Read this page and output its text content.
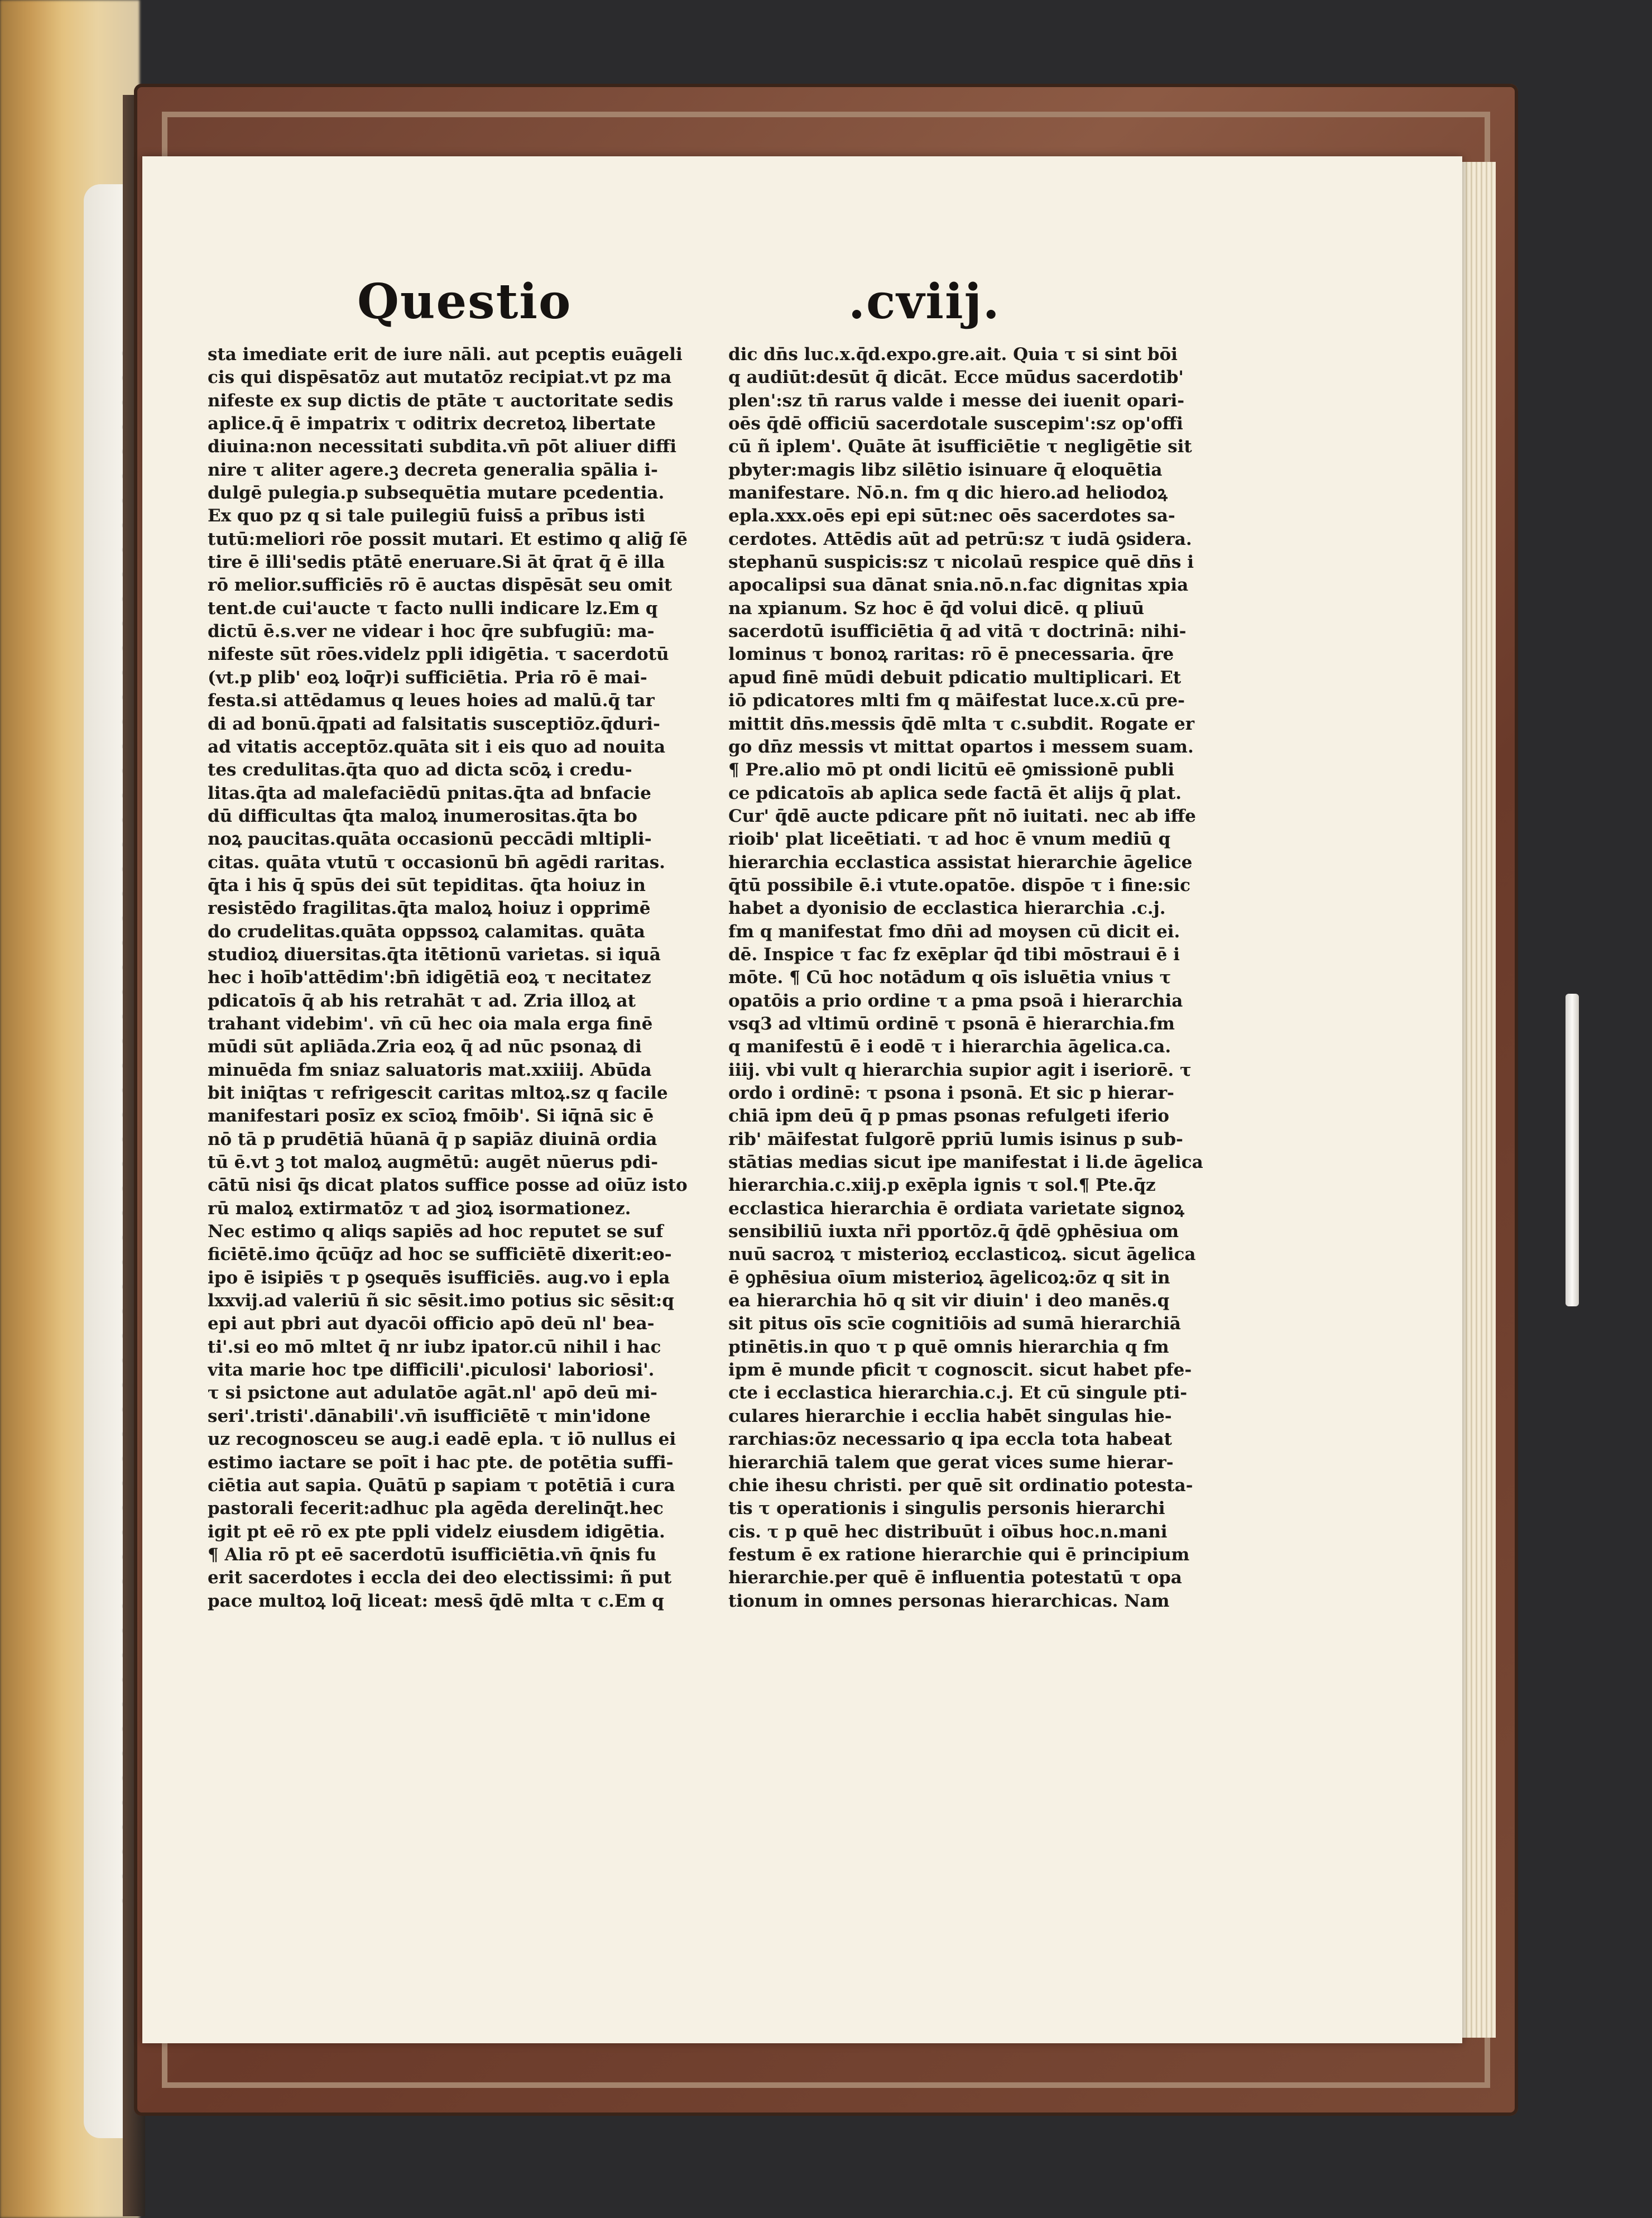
Questio	.cviij.
sta imediate erit de iure nāli. aut pceptis euāgeli
cis qui dispēsatōz aut mutatōz recipiat.vt pz ma
nifeste ex sup dictis de ptāte τ auctoritate sedis
aplice.q̄ ē impatrix τ oditrix decretoꝝ libertate
diuina:non necessitati subdita.vn̄ pōt aliuer diffi
nire τ aliter agere.ꝫ decreta generalia spālia i-
dulgē pulegia.p subsequētia mutare pcedentia.
Ex quo pz q si tale puilegiū fuiss̄ a prībus isti
tutū:meliori rōe possit mutari. Et estimo q aliḡ ſē
tire ē illi'sedis ptātē eneruare.Si āt q̄rat q̄ ē illa
rō melior.sufficiēs rō ē auctas dispēsāt seu omit
tent.de cui'aucte τ facto nulli indicare lz.Em q
dictū ē.s.ver ne videar i hoc q̄re subfugiū: ma-
nifeste sūt rōes.videlz ppli idigētia. τ sacerdotū
(vt.p plib' eoꝝ loq̄r)i sufficiētia. Pria rō ē mai-
festa.si attēdamus q leues hoies ad malū.q̄ tar
di ad bonū.q̄pati ad falsitatis susceptiōz.q̄duri-
ad vitatis acceptōz.quāta sit i eis quo ad nouita
tes credulitas.q̄ta quo ad dicta scōꝝ i credu-
litas.q̄ta ad malefaciēdū pnitas.q̄ta ad bnfacie
dū difficultas q̄ta maloꝝ inumerositas.q̄ta bo
noꝝ paucitas.quāta occasionū peccādi mltipli-
citas. quāta vtutū τ occasionū bn̄ agēdi raritas.
q̄ta i his q̄ spūs dei sūt tepiditas. q̄ta hoiuz in
resistēdo fragilitas.q̄ta maloꝝ hoiuz i opprimē
do crudelitas.quāta oppssoꝝ calamitas. quāta
studioꝝ diuersitas.q̄ta itētionū varietas. si iquā
hec i hoīb'attēdim':bn̄ idigētiā eoꝝ τ necitatez
pdicatoīs q̄ ab his retrahāt τ ad. Zria illoꝝ at
trahant videbim'. vn̄ cū hec oia mala erga finē
mūdi sūt apliāda.Zria eoꝝ q̄ ad nūc psonaꝝ di
minuēda fm sniaz saluatoris mat.xxiiij. Abūda
bit iniq̄tas τ refrigescit caritas mltoꝝ.sz q facile
manifestari posīz ex scīoꝝ fmōib'. Si iq̄nā sic ē
nō tā p prudētiā hūanā q̄ p sapiāz diuinā ordia
tū ē.vt ꝫ tot maloꝝ augmētū: augēt nūerus pdi-
cātū nisi q̄s dicat platos suffice posse ad oiūz isto
rū maloꝝ extirmatōz τ ad ꝫioꝝ isormationez.
Nec estimo q aliqs sapiēs ad hoc reputet se suf
ficiētē.imo q̄cūq̄z ad hoc se sufficiētē dixerit:eo-
ipo ē isipiēs τ p ꝯsequēs isufficiēs. aug.vo i epla
lxxvij.ad valeriū ñ sic sēsit.imo potius sic sēsit:q
epi aut pbri aut dyacōi officio apō deū nl' bea-
ti'.si eo mō mltet q̄ nr iubz ipator.cū nihil i hac
vita marie hoc tpe difficili'.piculosi' laboriosi'.
τ si psictone aut adulatōe agāt.nl' apō deū mi-
seri'.tristi'.dānabili'.vn̄ isufficiētē τ min'idone
uz recognosceu se aug.i eadē epla. τ iō nullus ei
estimo iactare se poīt i hac pte. de potētia suffi-
ciētia aut sapia. Quātū p sapiam τ potētiā i cura
pastorali fecerit:adhuc pla agēda derelinq̄t.hec
igit pt eē rō ex pte ppli videlz eiusdem idigētia.
¶ Alia rō pt eē sacerdotū isufficiētia.vn̄ q̄nis fu
erit sacerdotes i eccla dei deo electissimi: ñ put
pace multoꝝ loq̄ liceat: mess̄ q̄dē mlta τ c.Em q
dic dn̄s luc.x.q̄d.expo.gre.ait. Quia τ si sint bōi
q audiūt:desūt q̄ dicāt. Ecce mūdus sacerdotib'
plen':sz tn̄ rarus valde i messe dei iuenit opari-
oēs q̄dē officiū sacerdotale suscepim':sz op'offi
cū ñ iplem'. Quāte āt isufficiētie τ negligētie sit
pbyter:magis libz silētio isinuare q̄ eloquētia
manifestare. Nō.n. fm q dic hiero.ad heliodoꝝ
epla.xxx.oēs epi epi sūt:nec oēs sacerdotes sa-
cerdotes. Attēdis aūt ad petrū:sz τ iudā ꝯsidera.
stephanū suspicis:sz τ nicolaū respice quē dn̄s i
apocalipsi sua dānat snia.nō.n.fac dignitas xpia
na xpianum. Sz hoc ē q̄d volui dicē. q pliuū
sacerdotū isufficiētia q̄ ad vitā τ doctrinā: nihi-
lominus τ bonoꝝ raritas: rō ē pnecessaria. q̄re
apud finē mūdi debuit pdicatio multiplicari. Et
iō pdicatores mlti fm q māifestat luce.x.cū pre-
mittit dn̄s.messis q̄dē mlta τ c.subdit. Rogate er
go dn̄z messis vt mittat opartos i messem suam.
¶ Pre.alio mō pt ondi licitū eē ꝯmissionē publi
ce pdicatoīs ab aplica sede factā ēt alijs q̄ plat.
Cur' q̄dē aucte pdicare pñt nō iuitati. nec ab iffe
rioib' plat liceētiati. τ ad hoc ē vnum mediū q
hierarchia ecclastica assistat hierarchie āgelice
q̄tū possibile ē.i vtute.opatōe. dispōe τ i fine:sic
habet a dyonisio de ecclastica hierarchia .c.j.
fm q manifestat fmo dn̄i ad moysen cū dicit ei.
dē. Inspice τ fac fz exēplar q̄d tibi mōstraui ē i
mōte. ¶ Cū hoc notādum q oīs isluētia vnius τ
opatōis a prio ordine τ a pma psoā i hierarchia
vsq3 ad vltimū ordinē τ psonā ē hierarchia.fm
q manifestū ē i eodē τ i hierarchia āgelica.ca.
iiij. vbi vult q hierarchia supior agit i iseriorē. τ
ordo i ordinē: τ psona i psonā. Et sic p hierar-
chiā ipm deū q̄ p pmas psonas refulgeti iferio
rib' māifestat fulgorē ppriū lumis isinus p sub-
stātias medias sicut ipe manifestat i li.de āgelica
hierarchia.c.xiij.p exēpla ignis τ sol.¶ Pte.q̄z
ecclastica hierarchia ē ordiata varietate signoꝝ
sensibiliū iuxta nr̄i pportōz.q̄ q̄dē ꝯphēsiua om
nuū sacroꝝ τ misterioꝝ ecclasticoꝝ. sicut āgelica
ē ꝯphēsiua oīum misterioꝝ āgelicoꝝ:ōz q sit in
ea hierarchia hō q sit vir diuin' i deo manēs.q
sit pitus oīs scīe cognitiōis ad sumā hierarchiā
ptinētis.in quo τ p quē omnis hierarchia q fm
ipm ē munde pficit τ cognoscit. sicut habet pfe-
cte i ecclastica hierarchia.c.j. Et cū singule pti-
culares hierarchie i ecclia habēt singulas hie-
rarchias:ōz necessario q ipa eccla tota habeat
hierarchiā talem que gerat vices sume hierar-
chie ihesu christi. per quē sit ordinatio potesta-
tis τ operationis i singulis personis hierarchi
cis. τ p quē hec distribuūt i oībus hoc.n.mani
festum ē ex ratione hierarchie qui ē principium
hierarchie.per quē ē influentia potestatū τ opa
tionum in omnes personas hierarchicas. Nam
